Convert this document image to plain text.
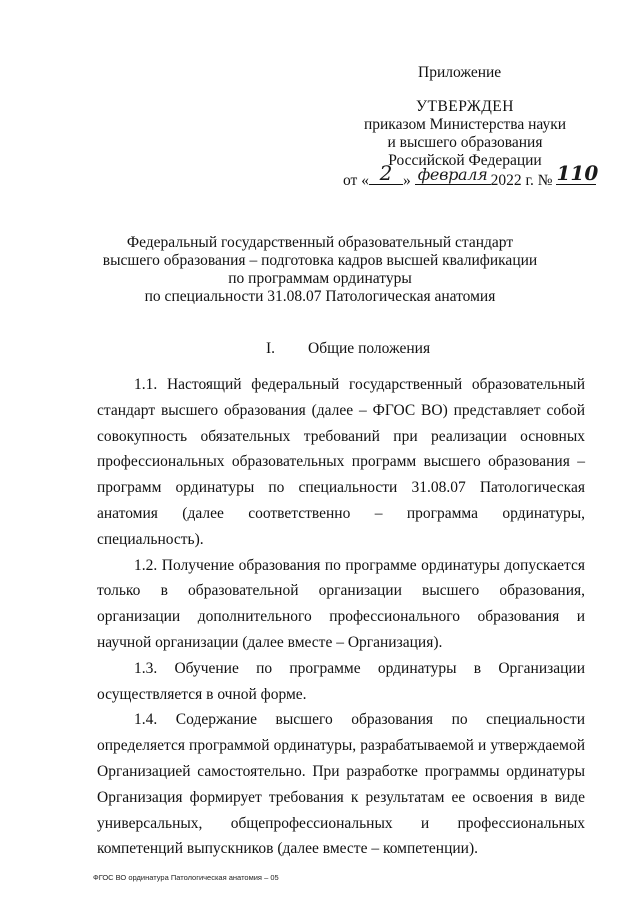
Приложение
УТВЕРЖДЕН
приказом Министерства науки
и высшего образования
Российской Федерации
от « 2 » февраля 2022 г. № 110
Федеральный государственный образовательный стандарт
высшего образования – подготовка кадров высшей квалификации
по программам ординатуры
по специальности 31.08.07 Патологическая анатомия
I. Общие положения

1.1. Настоящий федеральный государственный образовательный стандарт высшего образования (далее – ФГОС ВО) представляет собой совокупность обязательных требований при реализации основных профессиональных образовательных программ высшего образования – программ ординатуры по специальности 31.08.07 Патологическая анатомия (далее соответственно – программа ординатуры, специальность).

1.2. Получение образования по программе ординатуры допускается только в образовательной организации высшего образования, организации дополнительного профессионального образования и научной организации (далее вместе – Организация).

1.3. Обучение по программе ординатуры в Организации осуществляется в очной форме.

1.4. Содержание высшего образования по специальности определяется программой ординатуры, разрабатываемой и утверждаемой Организацией самостоятельно. При разработке программы ординатуры Организация формирует требования к результатам ее освоения в виде универсальных, общепрофессиональных и профессиональных компетенций выпускников (далее вместе – компетенции).

ФГОС ВО ординатура Патологическая анатомия – 05
